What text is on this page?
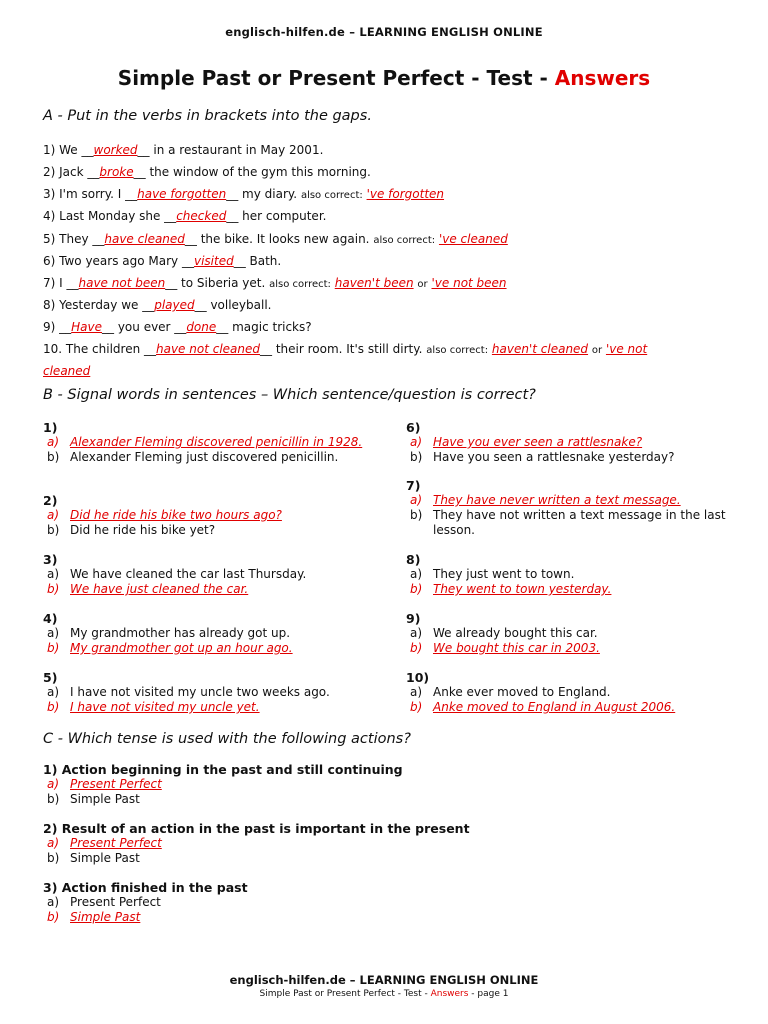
englisch-hilfen.de – LEARNING ENGLISH ONLINE
Simple Past or Present Perfect - Test - Answers
A - Put in the verbs in brackets into the gaps.
1) We __worked__ in a restaurant in May 2001.
2) Jack __broke__ the window of the gym this morning.
3) I'm sorry. I __have forgotten__ my diary. also correct: 've forgotten
4) Last Monday she __checked__ her computer.
5) They __have cleaned__ the bike. It looks new again. also correct: 've cleaned
6) Two years ago Mary __visited__ Bath.
7) I __have not been__ to Siberia yet. also correct: haven't been or 've not been
8) Yesterday we __played__ volleyball.
9) __Have__ you ever __done__ magic tricks?
10. The children __have not cleaned__ their room. It's still dirty. also correct: haven't cleaned or 've not
cleaned
B - Signal words in sentences – Which sentence/question is correct?
1)
a) Alexander Fleming discovered penicillin in 1928.
b) Alexander Fleming just discovered penicillin.
2)
a) Did he ride his bike two hours ago?
b) Did he ride his bike yet?
3)
a) We have cleaned the car last Thursday.
b) We have just cleaned the car.
4)
a) My grandmother has already got up.
b) My grandmother got up an hour ago.
5)
a) I have not visited my uncle two weeks ago.
b) I have not visited my uncle yet.
6)
a) Have you ever seen a rattlesnake?
b) Have you seen a rattlesnake yesterday?
7)
a) They have never written a text message.
b) They have not written a text message in the last lesson.
8)
a) They just went to town.
b) They went to town yesterday.
9)
a) We already bought this car.
b) We bought this car in 2003.
10)
a) Anke ever moved to England.
b) Anke moved to England in August 2006.
C - Which tense is used with the following actions?
1) Action beginning in the past and still continuing
a) Present Perfect
b) Simple Past
2) Result of an action in the past is important in the present
a) Present Perfect
b) Simple Past
3) Action finished in the past
a) Present Perfect
b) Simple Past
englisch-hilfen.de – LEARNING ENGLISH ONLINE
Simple Past or Present Perfect - Test - Answers - page 1
